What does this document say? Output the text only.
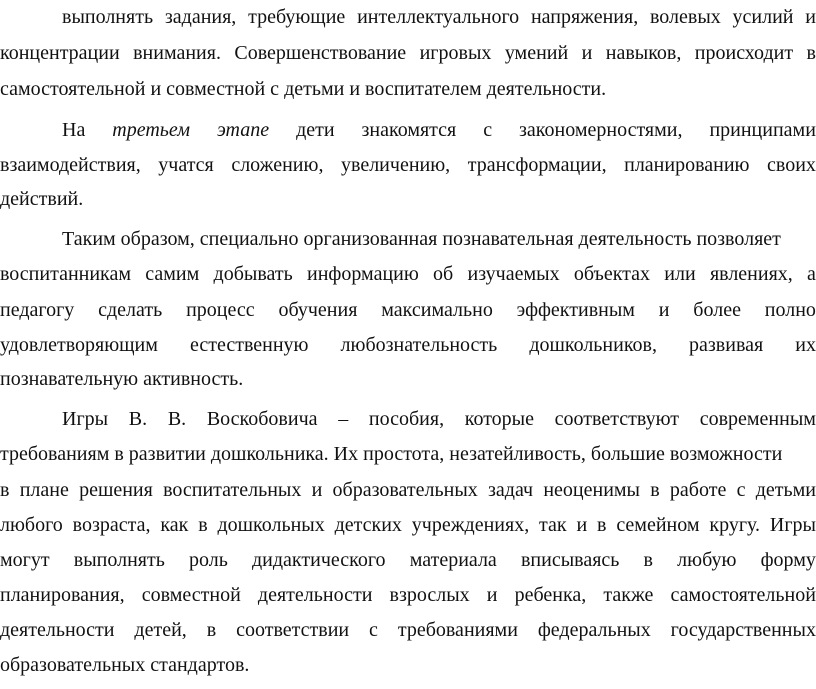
выполнять задания, требующие интеллектуального напряжения, волевых усилий и
концентрации внимания. Совершенствование игровых умений и навыков, происходит в
самостоятельной и совместной с детьми и воспитателем деятельности.
На третьем этапе дети знакомятся с закономерностями, принципами
взаимодействия, учатся сложению, увеличению, трансформации, планированию своих
действий.
Таким образом, специально организованная познавательная деятельность позволяет
воспитанникам самим добывать информацию об изучаемых объектах или явлениях, а
педагогу сделать процесс обучения максимально эффективным и более полно
удовлетворяющим естественную любознательность дошкольников, развивая их
познавательную активность.
Игры В. В. Воскобовича – пособия, которые соответствуют современным
требованиям в развитии дошкольника. Их простота, незатейливость, большие возможности
в плане решения воспитательных и образовательных задач неоценимы в работе с детьми
любого возраста, как в дошкольных детских учреждениях, так и в семейном кругу. Игры
могут выполнять роль дидактического материала вписываясь в любую форму
планирования, совместной деятельности взрослых и ребенка, также самостоятельной
деятельности детей, в соответствии с требованиями федеральных государственных
образовательных стандартов.
